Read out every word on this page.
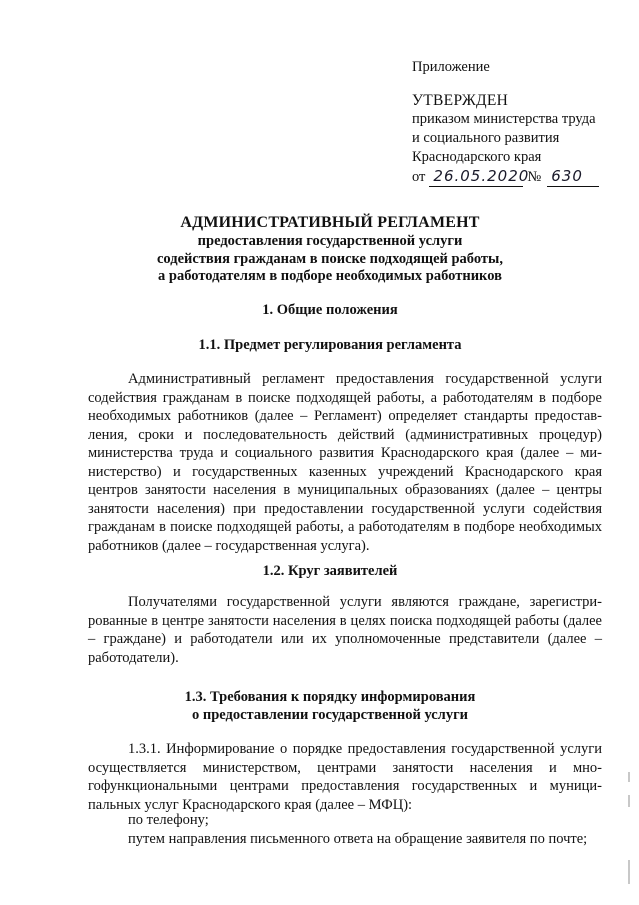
Приложение
УТВЕРЖДЕН
приказом министерства труда
и социального развития
Краснодарского края
от 26.05.2020
№ 630
АДМИНИСТРАТИВНЫЙ РЕГЛАМЕНТ
предоставления государственной услуги
содействия гражданам в поиске подходящей работы,
а работодателям в подборе необходимых работников
1. Общие положения
1.1. Предмет регулирования регламента
Административный регламент предоставления государственной услуги содействия гражданам в поиске подходящей работы, а работодателям в подборе необходимых работников (далее – Регламент) определяет стандарты предоставления, сроки и последовательность действий (административных процедур) министерства труда и социального развития Краснодарского края (далее – министерство) и государственных казенных учреждений Краснодарского края центров занятости населения в муниципальных образованиях (далее – центры занятости населения) при предоставлении государственной услуги содействия гражданам в поиске подходящей работы, а работодателям в подборе необходимых работников (далее – государственная услуга).
1.2. Круг заявителей
Получателями государственной услуги являются граждане, зарегистрированные в центре занятости населения в целях поиска подходящей работы (далее – граждане) и работодатели или их уполномоченные представители (далее – работодатели).
1.3. Требования к порядку информирования
о предоставлении государственной услуги
1.3.1. Информирование о порядке предоставления государственной услуги осуществляется министерством, центрами занятости населения и многофункциональными центрами предоставления государственных и муниципальных услуг Краснодарского края (далее – МФЦ):
по телефону;
путем направления письменного ответа на обращение заявителя по почте;
